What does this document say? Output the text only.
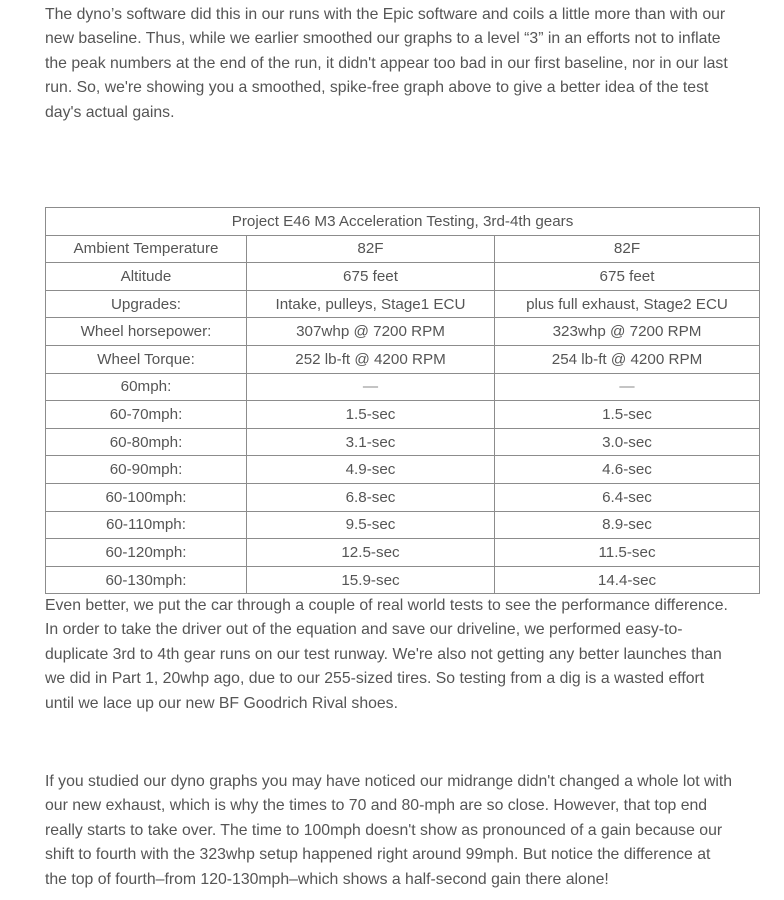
The dyno’s software did this in our runs with the Epic software and coils a little more than with our
new baseline. Thus, while we earlier smoothed our graphs to a level “3” in an efforts not to inflate
the peak numbers at the end of the run, it didn't appear too bad in our first baseline, nor in our last
run. So, we're showing you a smoothed, spike-free graph above to give a better idea of the test
day's actual gains.
Project E46 M3 Acceleration Testing, 3rd-4th gears		
Ambient Temperature	82F	82F
Altitude	675 feet	675 feet
Upgrades:	Intake, pulleys, Stage1 ECU	plus full exhaust, Stage2 ECU
Wheel horsepower:	307whp @ 7200 RPM	323whp @ 7200 RPM
Wheel Torque:	252 lb-ft @ 4200 RPM	254 lb-ft @ 4200 RPM
60mph:	—	—
60-70mph:	1.5-sec	1.5-sec
60-80mph:	3.1-sec	3.0-sec
60-90mph:	4.9-sec	4.6-sec
60-100mph:	6.8-sec	6.4-sec
60-110mph:	9.5-sec	8.9-sec
60-120mph:	12.5-sec	11.5-sec
60-130mph:	15.9-sec	14.4-sec
Even better, we put the car through a couple of real world tests to see the performance difference.
In order to take the driver out of the equation and save our driveline, we performed easy-to-
duplicate 3rd to 4th gear runs on our test runway. We're also not getting any better launches than
we did in Part 1, 20whp ago, due to our 255-sized tires. So testing from a dig is a wasted effort
until we lace up our new BF Goodrich Rival shoes.
If you studied our dyno graphs you may have noticed our midrange didn't changed a whole lot with
our new exhaust, which is why the times to 70 and 80-mph are so close. However, that top end
really starts to take over. The time to 100mph doesn't show as pronounced of a gain because our
shift to fourth with the 323whp setup happened right around 99mph. But notice the difference at
the top of fourth–from 120-130mph–which shows a half-second gain there alone!
